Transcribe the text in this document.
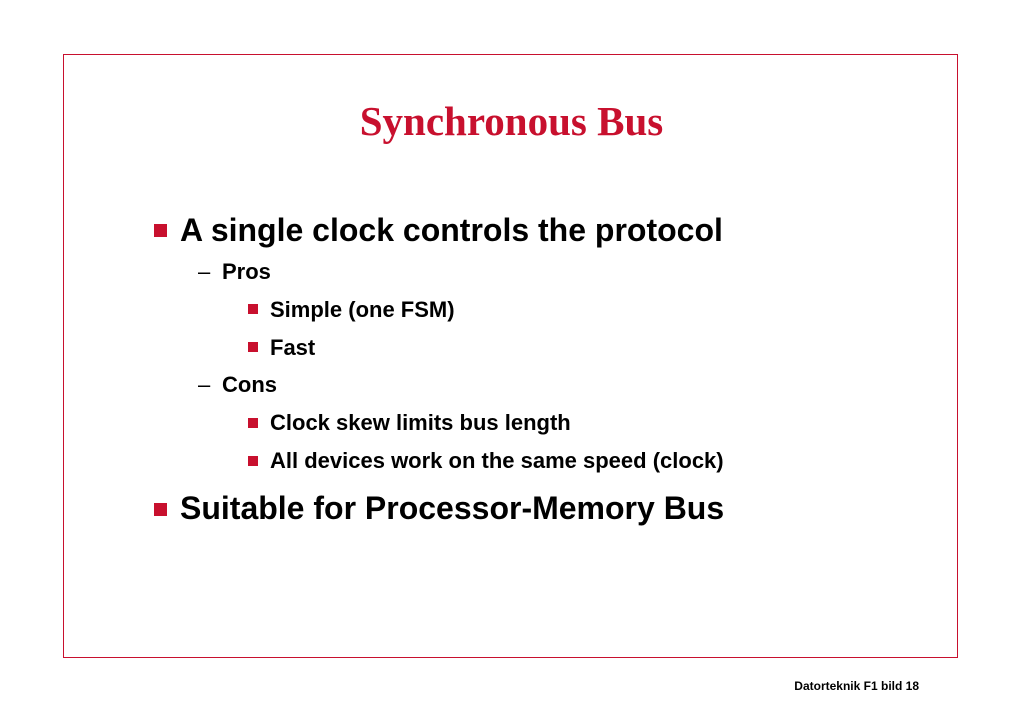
Synchronous Bus
A single clock controls the protocol
– Pros
Simple (one FSM)
Fast
– Cons
Clock skew limits bus length
All devices work on the same speed (clock)
Suitable for Processor-Memory Bus
Datorteknik F1 bild 18
